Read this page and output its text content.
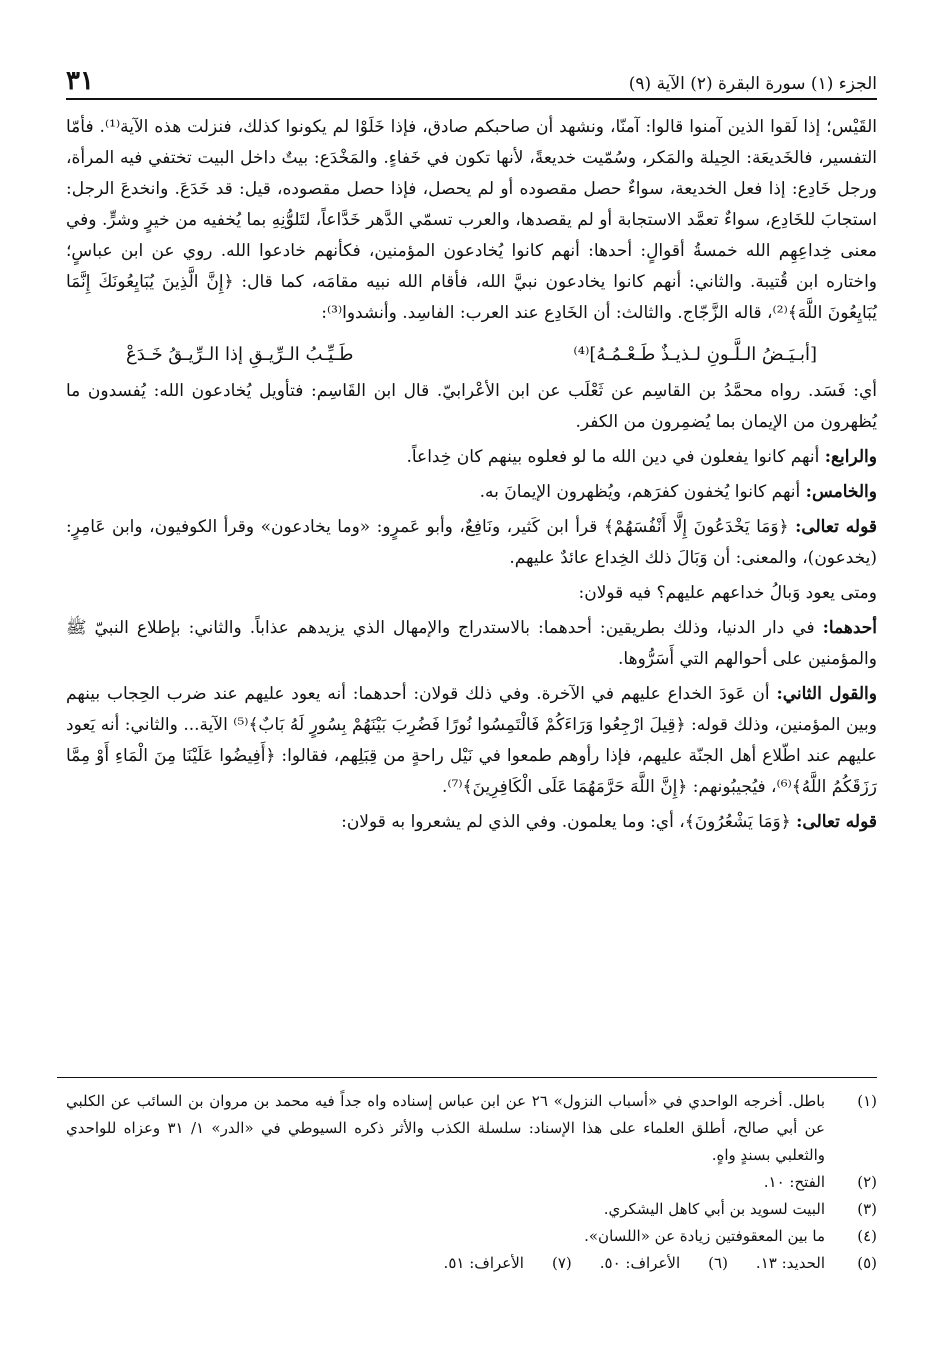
الجزء (١) سورة البقرة (٢) الآية (٩)
٣١

القَيْس؛ إذا لَقوا الذين آمنوا قالوا: آمنّا، ونشهد أن صاحبكم صادق، فإذا خَلَوْا لم يكونوا كذلك، فنزلت هذه الآية⁽¹⁾. فأمّا التفسير، فالخَديعَة: الحِيلة والمَكر، وسُمّيت خديعةً، لأنها تكون في خَفاءٍ. والمَخْدَع: بيتٌ داخل البيت تختفي فيه المرأة، ورجل خَادِع: إذا فعل الخديعة، سواءٌ حصل مقصوده أو لم يحصل، فإذا حصل مقصوده، قيل: قد خَدَعَ. وانخدعَ الرجل: استجابَ للخَادِع، سواءٌ تعمَّد الاستجابة أو لم يقصدها، والعرب تسمّي الدَّهر خَدَّاعاً، لتَلوُّنِهِ بما يُخفيه من خيرٍ وشرٍّ. وفي معنى خِداعِهِم الله خمسةُ أقوالٍ: أحدها: أنهم كانوا يُخادعون المؤمنين، فكأنهم خادعوا الله. روي عن ابن عباسٍ؛ واختاره ابن قُتيبة. والثاني: أنهم كانوا يخادعون نبيَّ الله، فأقام الله نبيه مقامَه، كما قال: ﴿إِنَّ الَّذِينَ يُبَايِعُونَكَ إِنَّمَا يُبَايِعُونَ اللَّهَ﴾⁽²⁾، قاله الزَّجّاج. والثالث: أن الخَادِع عند العرب: الفاسِد. وأنشدوا⁽³⁾:

[أبـيَـضُ الـلَّـونِ لـذيـذٌ طَـعْـمُـهُ]⁽⁴⁾
طَـيِّـبُ الـرِّيـقِ إذا الـرِّيـقُ خَـدَعْ

أي: فَسَد. رواه محمَّدُ بن القاسِم عن ثَعْلَب عن ابن الأعْرابيّ. قال ابن القَاسِم: فتأويل يُخادعون الله: يُفسدون ما يُظهرون من الإيمان بما يُضمِرون من الكفر.

والرابع: أنهم كانوا يفعلون في دين الله ما لو فعلوه بينهم كان خِداعاً.

والخامس: أنهم كانوا يُخفون كفرَهم، ويُظهرون الإيمانَ به.

قوله تعالى: ﴿وَمَا يَخْدَعُونَ إِلَّا أَنْفُسَهُمْ﴾ قرأ ابن كَثير، ونَافِعٌ، وأبو عَمرٍو: «وما يخادعون» وقرأ الكوفيون، وابن عَامِرٍ: (يخدعون)، والمعنى: أن وَبَالَ ذلك الخِداع عائدٌ عليهم.

ومتى يعود وَبالُ خداعهم عليهم؟ فيه قولان:

أحدهما: في دار الدنيا، وذلك بطريقين: أحدهما: بالاستدراج والإمهال الذي يزيدهم عذاباً. والثاني: بإطلاع النبيّ ﷺ والمؤمنين على أحوالهم التي أَسَرُّوها.

والقول الثاني: أن عَودَ الخداع عليهم في الآخرة. وفي ذلك قولان: أحدهما: أنه يعود عليهم عند ضرب الحِجاب بينهم وبين المؤمنين، وذلك قوله: ﴿قِيلَ ارْجِعُوا وَرَاءَكُمْ فَالْتَمِسُوا نُورًا فَضُرِبَ بَيْنَهُمْ بِسُورٍ لَهُ بَابٌ﴾⁽⁵⁾ الآية... والثاني: أنه يَعود عليهم عند اطّلاع أهل الجنّة عليهم، فإذا رأوهم طمعوا في نَيْل راحةٍ من قِبَلِهم، فقالوا: ﴿أَفِيضُوا عَلَيْنَا مِنَ الْمَاءِ أَوْ مِمَّا رَزَقَكُمُ اللَّهُ﴾⁽⁶⁾، فيُجيبُونهم: ﴿إِنَّ اللَّهَ حَرَّمَهُمَا عَلَى الْكَافِرِينَ﴾⁽⁷⁾.

قوله تعالى: ﴿وَمَا يَشْعُرُونَ﴾، أي: وما يعلمون. وفي الذي لم يشعروا به قولان:

(١)
باطل. أخرجه الواحدي في «أسباب النزول» ٢٦ عن ابن عباس إسناده واه جداً فيه محمد بن مروان بن السائب عن الكلبي عن أبي صالح، أطلق العلماء على هذا الإسناد: سلسلة الكذب والأثر ذكره السيوطي في «الدر» ١/ ٣١ وعزاه للواحدي والثعلبي بسندٍ واهٍ.
(٢)
الفتح: ١٠.
(٣)
البيت لسويد بن أبي كاهل اليشكري.
(٤)
ما بين المعقوفتين زيادة عن «اللسان».
(٥)
الحديد: ١٣.
(٦)
الأعراف: ٥٠.
(٧)
الأعراف: ٥١.
